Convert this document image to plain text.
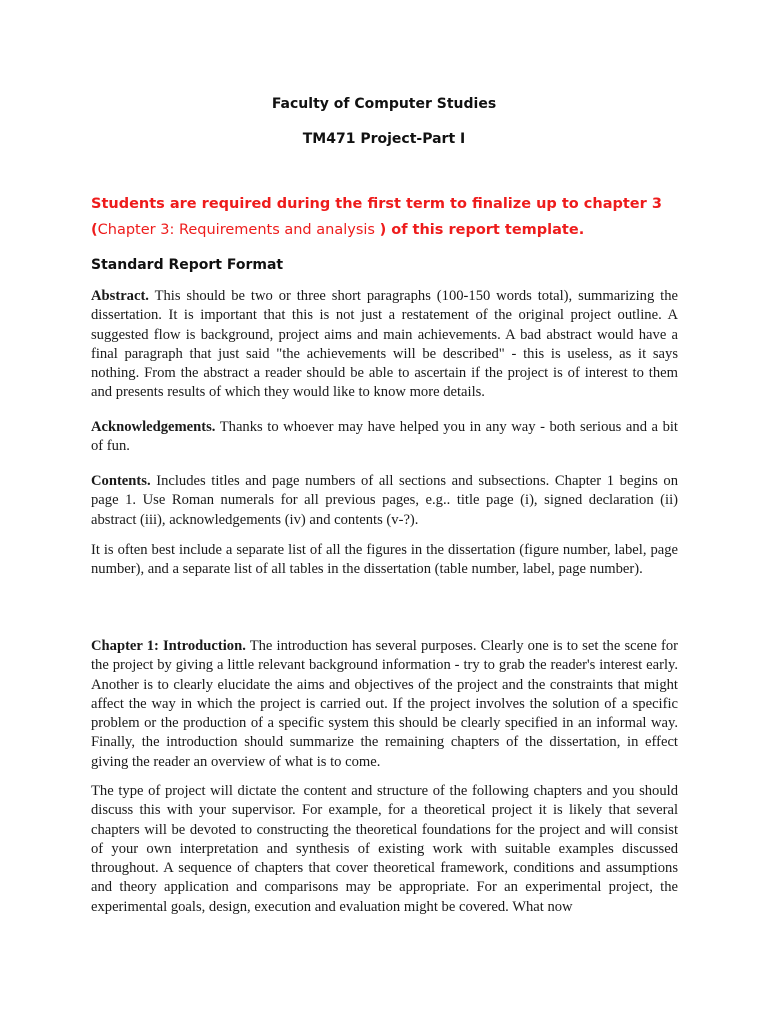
Faculty of Computer Studies
TM471 Project-Part I
Students are required during the first term to finalize up to chapter 3 (Chapter 3: Requirements and analysis ) of this report template.
Standard Report Format

Abstract. This should be two or three short paragraphs (100-150 words total), summarizing the dissertation. It is important that this is not just a restatement of the original project outline. A suggested flow is background, project aims and main achievements. A bad abstract would have a final paragraph that just said "the achievements will be described" - this is useless, as it says nothing. From the abstract a reader should be able to ascertain if the project is of interest to them and presents results of which they would like to know more details.

Acknowledgements. Thanks to whoever may have helped you in any way - both serious and a bit of fun.

Contents. Includes titles and page numbers of all sections and subsections. Chapter 1 begins on page 1. Use Roman numerals for all previous pages, e.g.. title page (i), signed declaration (ii) abstract (iii), acknowledgements (iv) and contents (v-?).

It is often best include a separate list of all the figures in the dissertation (figure number, label, page number), and a separate list of all tables in the dissertation (table number, label, page number).

Chapter 1: Introduction. The introduction has several purposes. Clearly one is to set the scene for the project by giving a little relevant background information - try to grab the reader's interest early. Another is to clearly elucidate the aims and objectives of the project and the constraints that might affect the way in which the project is carried out. If the project involves the solution of a specific problem or the production of a specific system this should be clearly specified in an informal way. Finally, the introduction should summarize the remaining chapters of the dissertation, in effect giving the reader an overview of what is to come.

The type of project will dictate the content and structure of the following chapters and you should discuss this with your supervisor. For example, for a theoretical project it is likely that several chapters will be devoted to constructing the theoretical foundations for the project and will consist of your own interpretation and synthesis of existing work with suitable examples discussed throughout. A sequence of chapters that cover theoretical framework, conditions and assumptions and theory application and comparisons may be appropriate. For an experimental project, the experimental goals, design, execution and evaluation might be covered. What now
